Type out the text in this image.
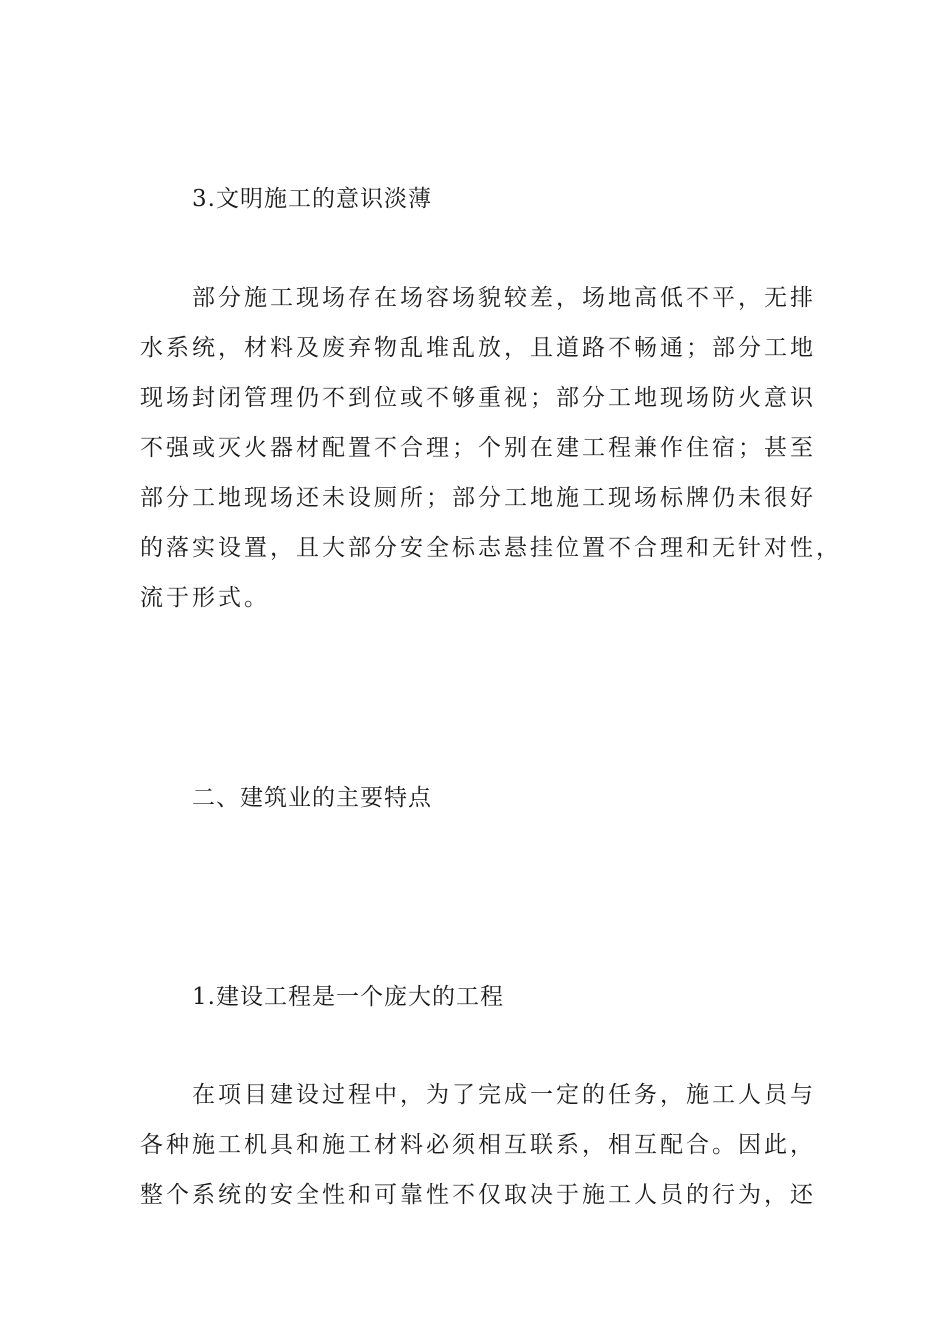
3.文明施工的意识淡薄
部分施工现场存在场容场貌较差，场地高低不平，无排
水系统，材料及废弃物乱堆乱放，且道路不畅通；部分工地
现场封闭管理仍不到位或不够重视；部分工地现场防火意识
不强或灭火器材配置不合理；个别在建工程兼作住宿；甚至
部分工地现场还未设厕所；部分工地施工现场标牌仍未很好
的落实设置，且大部分安全标志悬挂位置不合理和无针对性，
流于形式。
二、建筑业的主要特点
1.建设工程是一个庞大的工程
在项目建设过程中，为了完成一定的任务，施工人员与
各种施工机具和施工材料必须相互联系，相互配合。因此，
整个系统的安全性和可靠性不仅取决于施工人员的行为，还
